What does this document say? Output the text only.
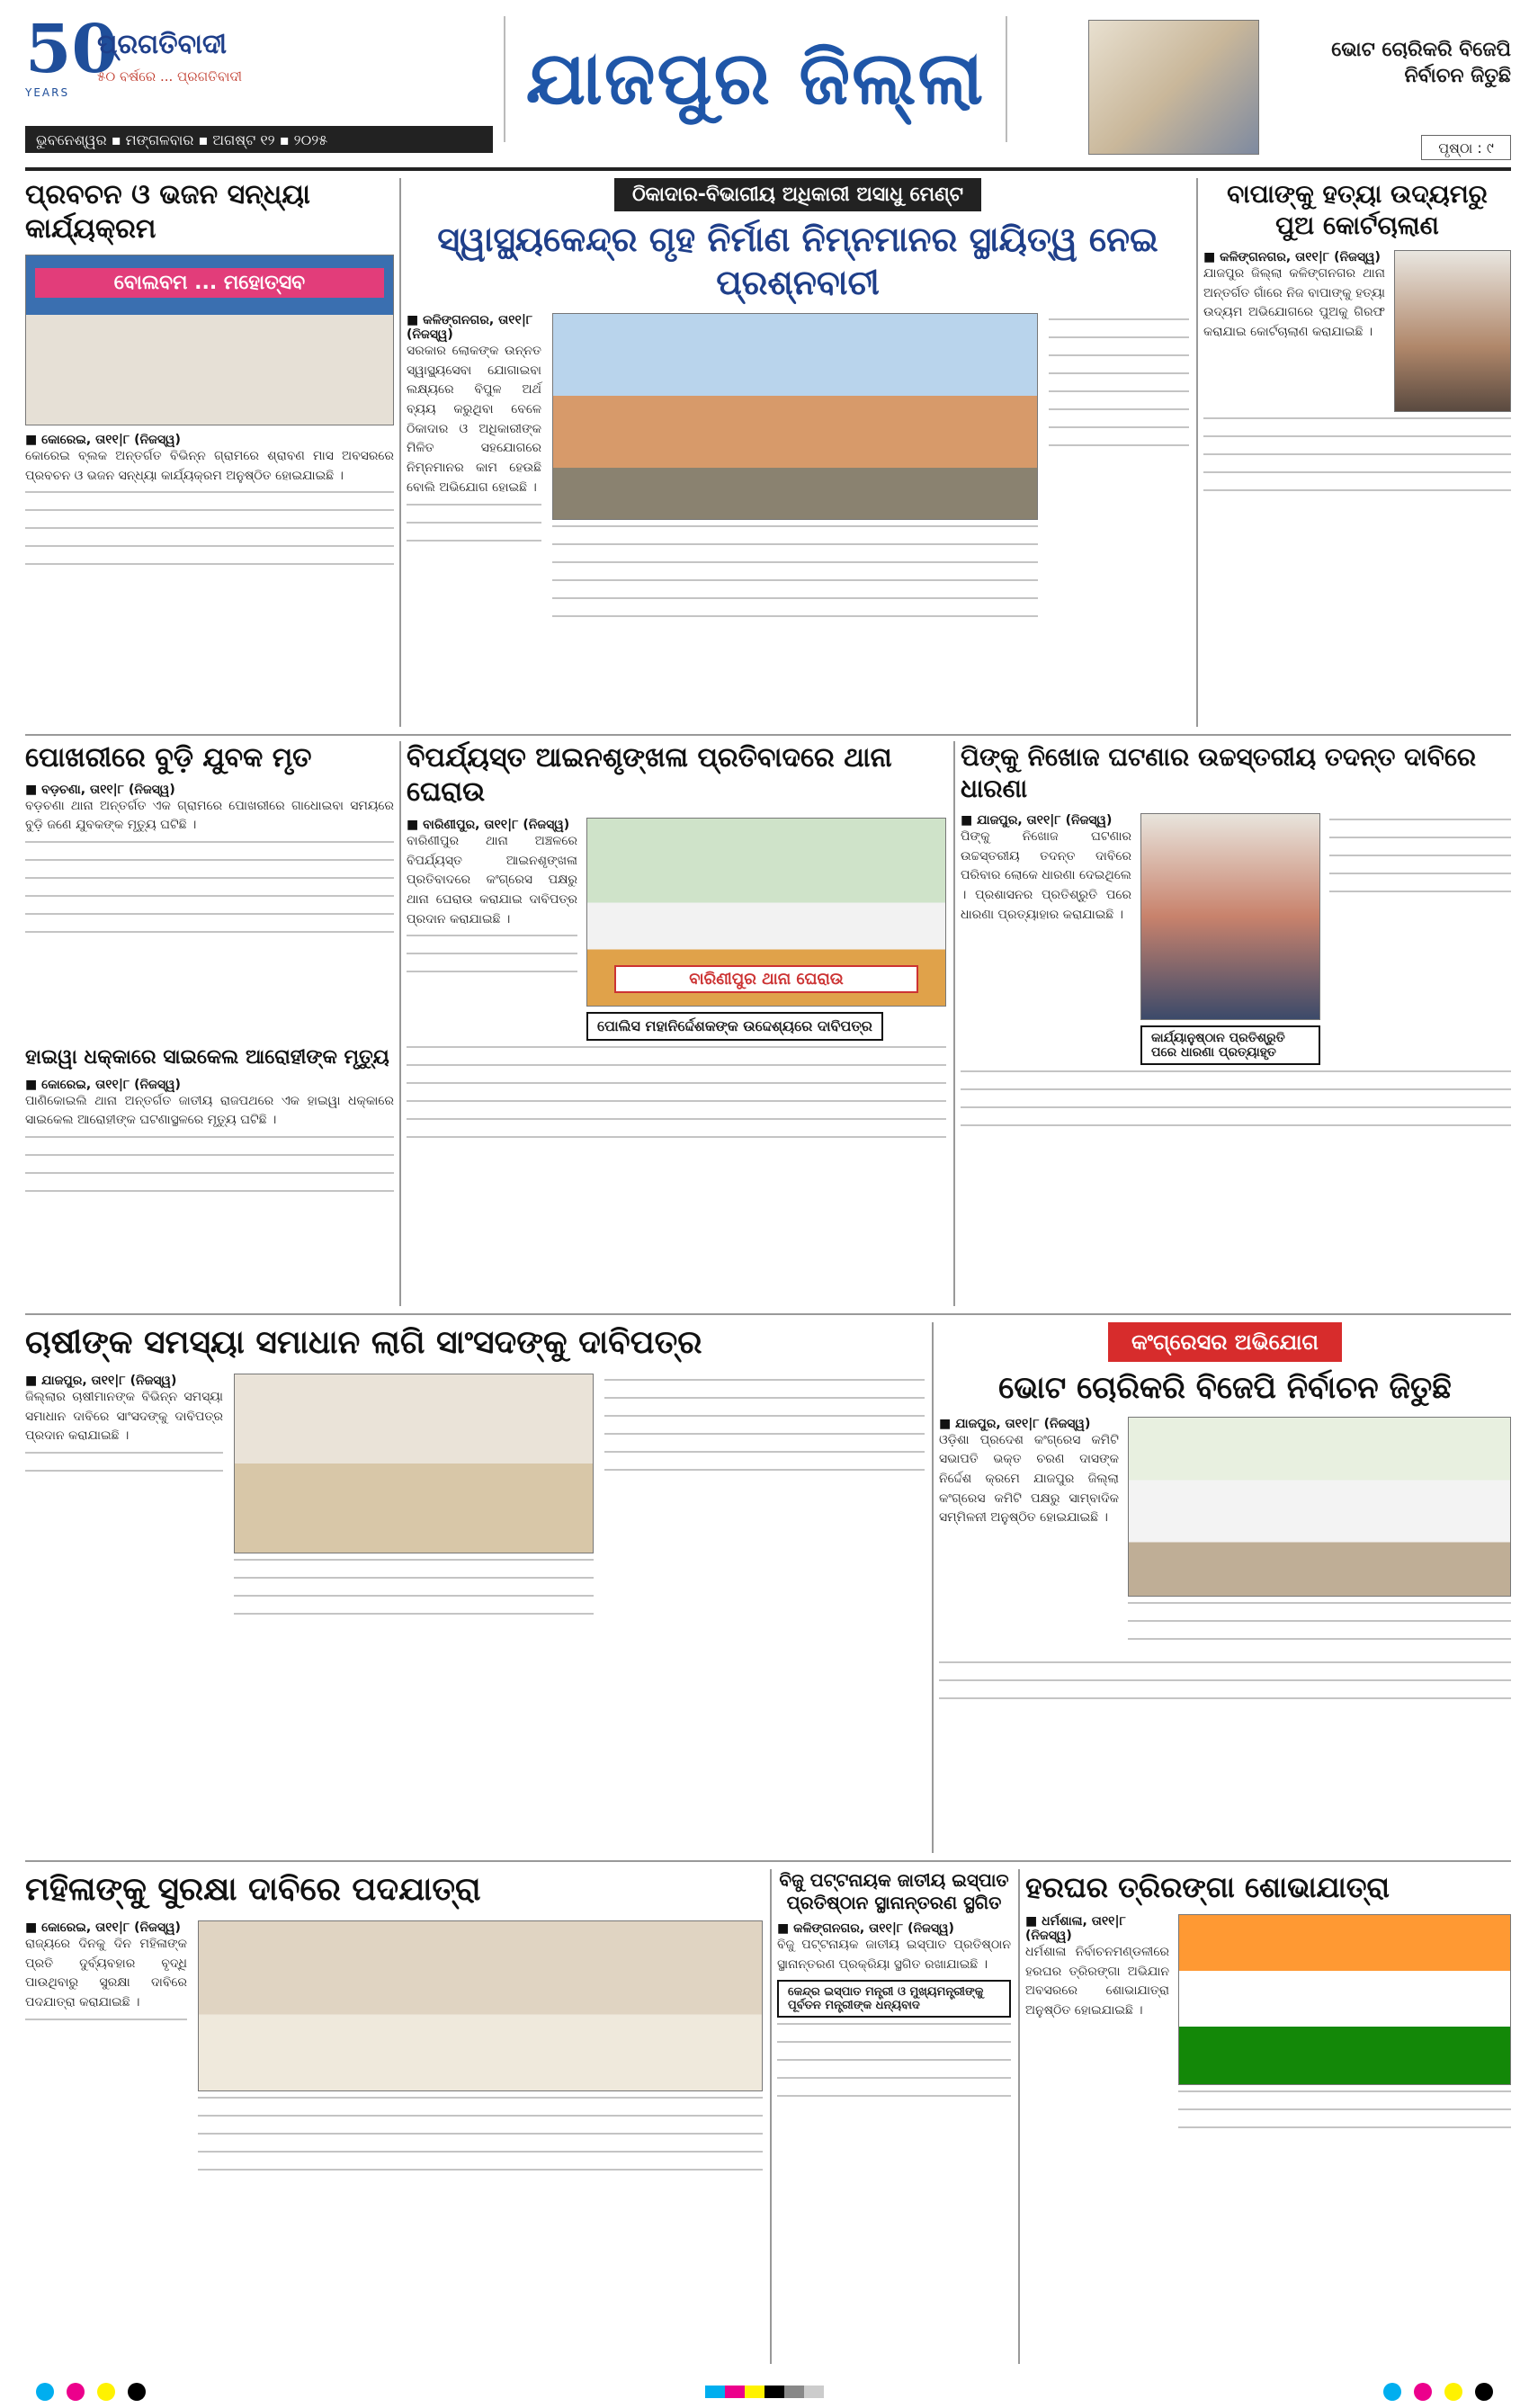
50
YEARS
ପ୍ରଗତିବାଦୀ
୫୦ ବର୍ଷରେ ... ପ୍ରଗତିବାଦୀ
ଭୁବନେଶ୍ୱର ▪ ମଙ୍ଗଳବାର ▪ ଅଗଷ୍ଟ ୧୨ ▪ ୨୦୨୫
ଯାଜପୁର ଜିଲ୍ଲା	ଭୋଟ ଚୋରିକରି ବିଜେପି ନିର୍ବାଚନ ଜିତୁଛି
ପୃଷ୍ଠା : ୯
ପ୍ରବଚନ ଓ ଭଜନ ସନ୍ଧ୍ୟା କାର୍ଯ୍ୟକ୍ରମ
ବୋଲବମ ... ମହୋତ୍ସବ
■ କୋରେଇ, ତା୧୧|୮ (ନିଜସ୍ୱ)
କୋରେଇ ବ୍ଲକ ଅନ୍ତର୍ଗତ ବିଭିନ୍ନ ଗ୍ରାମରେ ଶ୍ରାବଣ ମାସ ଅବସରରେ ପ୍ରବଚନ ଓ ଭଜନ ସନ୍ଧ୍ୟା କାର୍ଯ୍ୟକ୍ରମ ଅନୁଷ୍ଠିତ ହୋଇଯାଇଛି ।
ଠିକାଦାର-ବିଭାଗୀୟ ଅଧିକାରୀ ଅସାଧୁ ମେଣ୍ଟ
ସ୍ୱାସ୍ଥ୍ୟକେନ୍ଦ୍ର ଗୃହ ନିର୍ମାଣ ନିମ୍ନମାନର ସ୍ଥାୟିତ୍ୱ ନେଇ ପ୍ରଶ୍ନବାଚୀ
■ କଳିଙ୍ଗନଗର, ତା୧୧|୮ (ନିଜସ୍ୱ)
ସରକାର ଲୋକଙ୍କ ଉନ୍ନତ ସ୍ୱାସ୍ଥ୍ୟସେବା ଯୋଗାଇବା ଲକ୍ଷ୍ୟରେ ବିପୁଳ ଅର୍ଥ ବ୍ୟୟ କରୁଥିବା ବେଳେ ଠିକାଦାର ଓ ଅଧିକାରୀଙ୍କ ମିଳିତ ସହଯୋଗରେ ନିମ୍ନମାନର କାମ ହେଉଛି ବୋଲି ଅଭିଯୋଗ ହୋଇଛି ।
ବାପାଙ୍କୁ ହତ୍ୟା ଉଦ୍ୟମରୁ ପୁଅ କୋର୍ଟଚାଲାଣ
■ କଳିଙ୍ଗନଗର, ତା୧୧|୮ (ନିଜସ୍ୱ)
ଯାଜପୁର ଜିଲ୍ଲା କଳିଙ୍ଗନଗର ଥାନା ଅନ୍ତର୍ଗତ ଗାଁରେ ନିଜ ବାପାଙ୍କୁ ହତ୍ୟା ଉଦ୍ୟମ ଅଭିଯୋଗରେ ପୁଅକୁ ଗିରଫ କରାଯାଇ କୋର୍ଟଚାଲାଣ କରାଯାଇଛି ।
ପୋଖରୀରେ ବୁଡ଼ି ଯୁବକ ମୃତ
■ ବଡ଼ଚଣା, ତା୧୧|୮ (ନିଜସ୍ୱ)
ବଡ଼ଚଣା ଥାନା ଅନ୍ତର୍ଗତ ଏକ ଗ୍ରାମରେ ପୋଖରୀରେ ଗାଧୋଇବା ସମୟରେ ବୁଡ଼ି ଜଣେ ଯୁବକଙ୍କ ମୃତ୍ୟୁ ଘଟିଛି ।
ହାଇୱା ଧକ୍କାରେ ସାଇକେଲ ଆରୋହୀଙ୍କ ମୃତ୍ୟୁ
■ କୋରେଇ, ତା୧୧|୮ (ନିଜସ୍ୱ)
ପାଣିକୋଇଲି ଥାନା ଅନ୍ତର୍ଗତ ଜାତୀୟ ରାଜପଥରେ ଏକ ହାଇୱା ଧକ୍କାରେ ସାଇକେଲ ଆରୋହୀଙ୍କ ଘଟଣାସ୍ଥଳରେ ମୃତ୍ୟୁ ଘଟିଛି ।
ବିପର୍ଯ୍ୟସ୍ତ ଆଇନଶୃଙ୍ଖଳା ପ୍ରତିବାଦରେ ଥାନା ଘେରାଉ
■ ବାରିଣୀପୁର, ତା୧୧|୮ (ନିଜସ୍ୱ)
ବାରିଣୀପୁର ଥାନା ଅଞ୍ଚଳରେ ବିପର୍ଯ୍ୟସ୍ତ ଆଇନଶୃଙ୍ଖଳା ପ୍ରତିବାଦରେ କଂଗ୍ରେସ ପକ୍ଷରୁ ଥାନା ଘେରାଉ କରାଯାଇ ଦାବିପତ୍ର ପ୍ରଦାନ କରାଯାଇଛି ।
ବାରିଣୀପୁର ଥାନା ଘେରାଉ
ପୋଲିସ ମହାନିର୍ଦ୍ଦେଶକଙ୍କ ଉଦ୍ଦେଶ୍ୟରେ ଦାବିପତ୍ର
ପିଙ୍କୁ ନିଖୋଜ ଘଟଣାର ଉଚ୍ଚସ୍ତରୀୟ ତଦନ୍ତ ଦାବିରେ ଧାରଣା
■ ଯାଜପୁର, ତା୧୧|୮ (ନିଜସ୍ୱ)
ପିଙ୍କୁ ନିଖୋଜ ଘଟଣାର ଉଚ୍ଚସ୍ତରୀୟ ତଦନ୍ତ ଦାବିରେ ପରିବାର ଲୋକେ ଧାରଣା ଦେଇଥିଲେ । ପ୍ରଶାସନର ପ୍ରତିଶ୍ରୁତି ପରେ ଧାରଣା ପ୍ରତ୍ୟାହାର କରାଯାଇଛି ।
କାର୍ଯ୍ୟାନୁଷ୍ଠାନ ପ୍ରତିଶ୍ରୁତି ପରେ ଧାରଣା ପ୍ରତ୍ୟାହୃତ
ଚାଷୀଙ୍କ ସମସ୍ୟା ସମାଧାନ ଲାଗି ସାଂସଦଙ୍କୁ ଦାବିପତ୍ର
■ ଯାଜପୁର, ତା୧୧|୮ (ନିଜସ୍ୱ)
ଜିଲ୍ଲାର ଚାଷୀମାନଙ୍କ ବିଭିନ୍ନ ସମସ୍ୟା ସମାଧାନ ଦାବିରେ ସାଂସଦଙ୍କୁ ଦାବିପତ୍ର ପ୍ରଦାନ କରାଯାଇଛି ।
କଂଗ୍ରେସର ଅଭିଯୋଗ
ଭୋଟ ଚୋରିକରି ବିଜେପି ନିର୍ବାଚନ ଜିତୁଛି
■ ଯାଜପୁର, ତା୧୧|୮ (ନିଜସ୍ୱ)
ଓଡ଼ିଶା ପ୍ରଦେଶ କଂଗ୍ରେସ କମିଟି ସଭାପତି ଭକ୍ତ ଚରଣ ଦାସଙ୍କ ନିର୍ଦ୍ଦେଶ କ୍ରମେ ଯାଜପୁର ଜିଲ୍ଲା କଂଗ୍ରେସ କମିଟି ପକ୍ଷରୁ ସାମ୍ବାଦିକ ସମ୍ମିଳନୀ ଅନୁଷ୍ଠିତ ହୋଇଯାଇଛି ।
ମହିଳାଙ୍କୁ ସୁରକ୍ଷା ଦାବିରେ ପଦଯାତ୍ରା
■ କୋରେଇ, ତା୧୧|୮ (ନିଜସ୍ୱ)
ରାଜ୍ୟରେ ଦିନକୁ ଦିନ ମହିଳାଙ୍କ ପ୍ରତି ଦୁର୍ବ୍ୟବହାର ବୃଦ୍ଧି ପାଉଥିବାରୁ ସୁରକ୍ଷା ଦାବିରେ ପଦଯାତ୍ରା କରାଯାଇଛି ।
ବିଜୁ ପଟ୍ଟନାୟକ ଜାତୀୟ ଇସ୍ପାତ ପ୍ରତିଷ୍ଠାନ ସ୍ଥାନାନ୍ତରଣ ସ୍ଥଗିତ
■ କଳିଙ୍ଗନଗର, ତା୧୧|୮ (ନିଜସ୍ୱ)
ବିଜୁ ପଟ୍ଟନାୟକ ଜାତୀୟ ଇସ୍ପାତ ପ୍ରତିଷ୍ଠାନ ସ୍ଥାନାନ୍ତରଣ ପ୍ରକ୍ରିୟା ସ୍ଥଗିତ ରଖାଯାଇଛି ।
କେନ୍ଦ୍ର ଇସ୍ପାତ ମନ୍ତ୍ରୀ ଓ ମୁଖ୍ୟମନ୍ତ୍ରୀଙ୍କୁ ପୂର୍ବତନ ମନ୍ତ୍ରୀଙ୍କ ଧନ୍ୟବାଦ
ହରଘର ତ୍ରିରଙ୍ଗା ଶୋଭାଯାତ୍ରା
■ ଧର୍ମଶାଳା, ତା୧୧|୮ (ନିଜସ୍ୱ)
ଧର୍ମଶାଳା ନିର୍ବାଚନମଣ୍ଡଳୀରେ ହରଘର ତ୍ରିରଙ୍ଗା ଅଭିଯାନ ଅବସରରେ ଶୋଭାଯାତ୍ରା ଅନୁଷ୍ଠିତ ହୋଇଯାଇଛି ।
